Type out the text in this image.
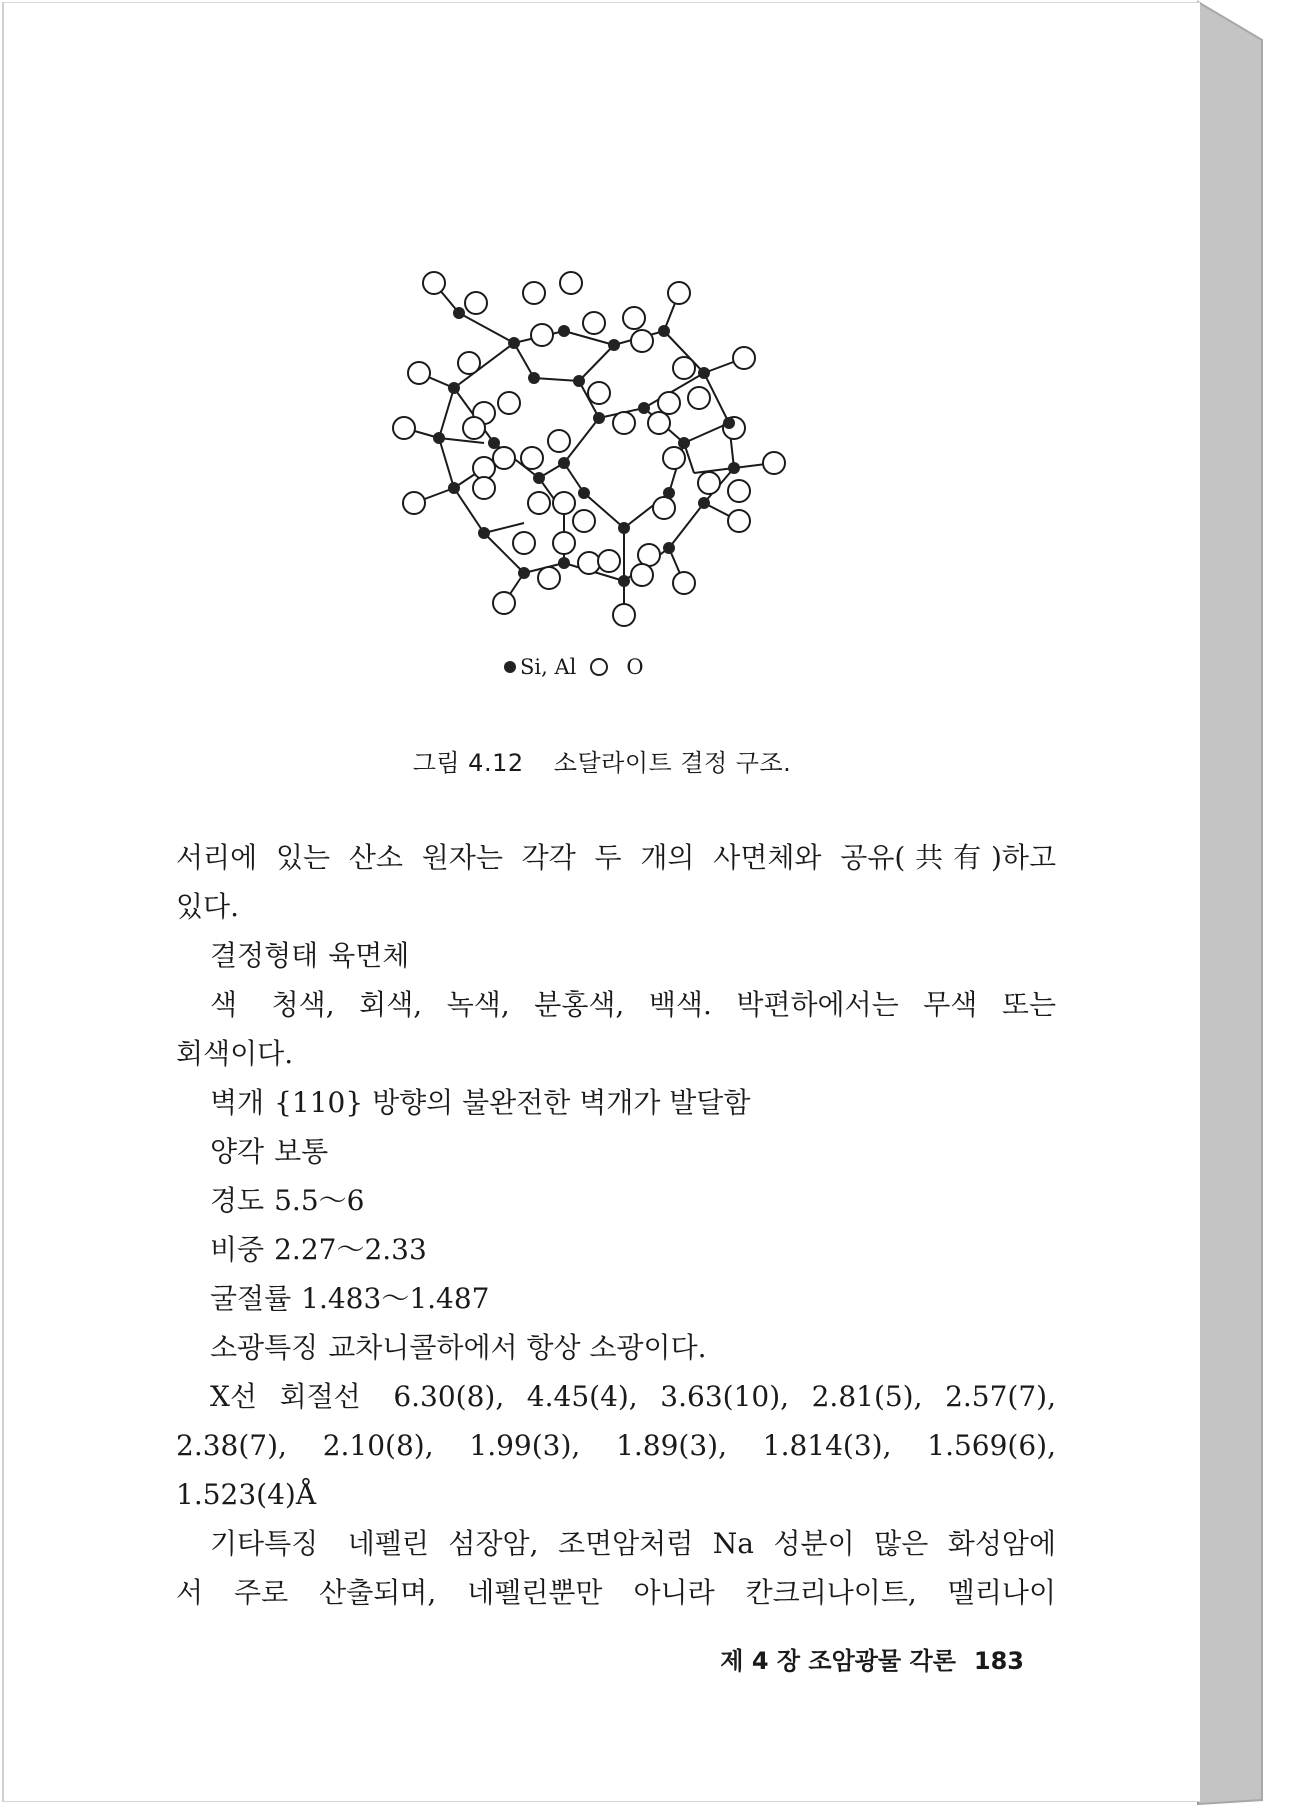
Si, Al O
그림 4.12 소달라이트 결정 구조.

서리에 있는 산소 원자는 각각 두 개의 사면체와 공유(共有)하고

있다.

결정형태 육면체

색 청색, 회색, 녹색, 분홍색, 백색. 박편하에서는 무색 또는

회색이다.

벽개 {110} 방향의 불완전한 벽개가 발달함

양각 보통

경도 5.5～6

비중 2.27～2.33

굴절률 1.483～1.487

소광특징 교차니콜하에서 항상 소광이다.

X선 회절선 6.30(8), 4.45(4), 3.63(10), 2.81(5), 2.57(7),

2.38(7), 2.10(8), 1.99(3), 1.89(3), 1.814(3), 1.569(6), 1.523(4)Å

기타특징 네펠린 섬장암, 조면암처럼 Na 성분이 많은 화성암에

서 주로 산출되며, 네펠린뿐만 아니라 칸크리나이트, 멜리나이

제 4 장 조암광물 각론 183
